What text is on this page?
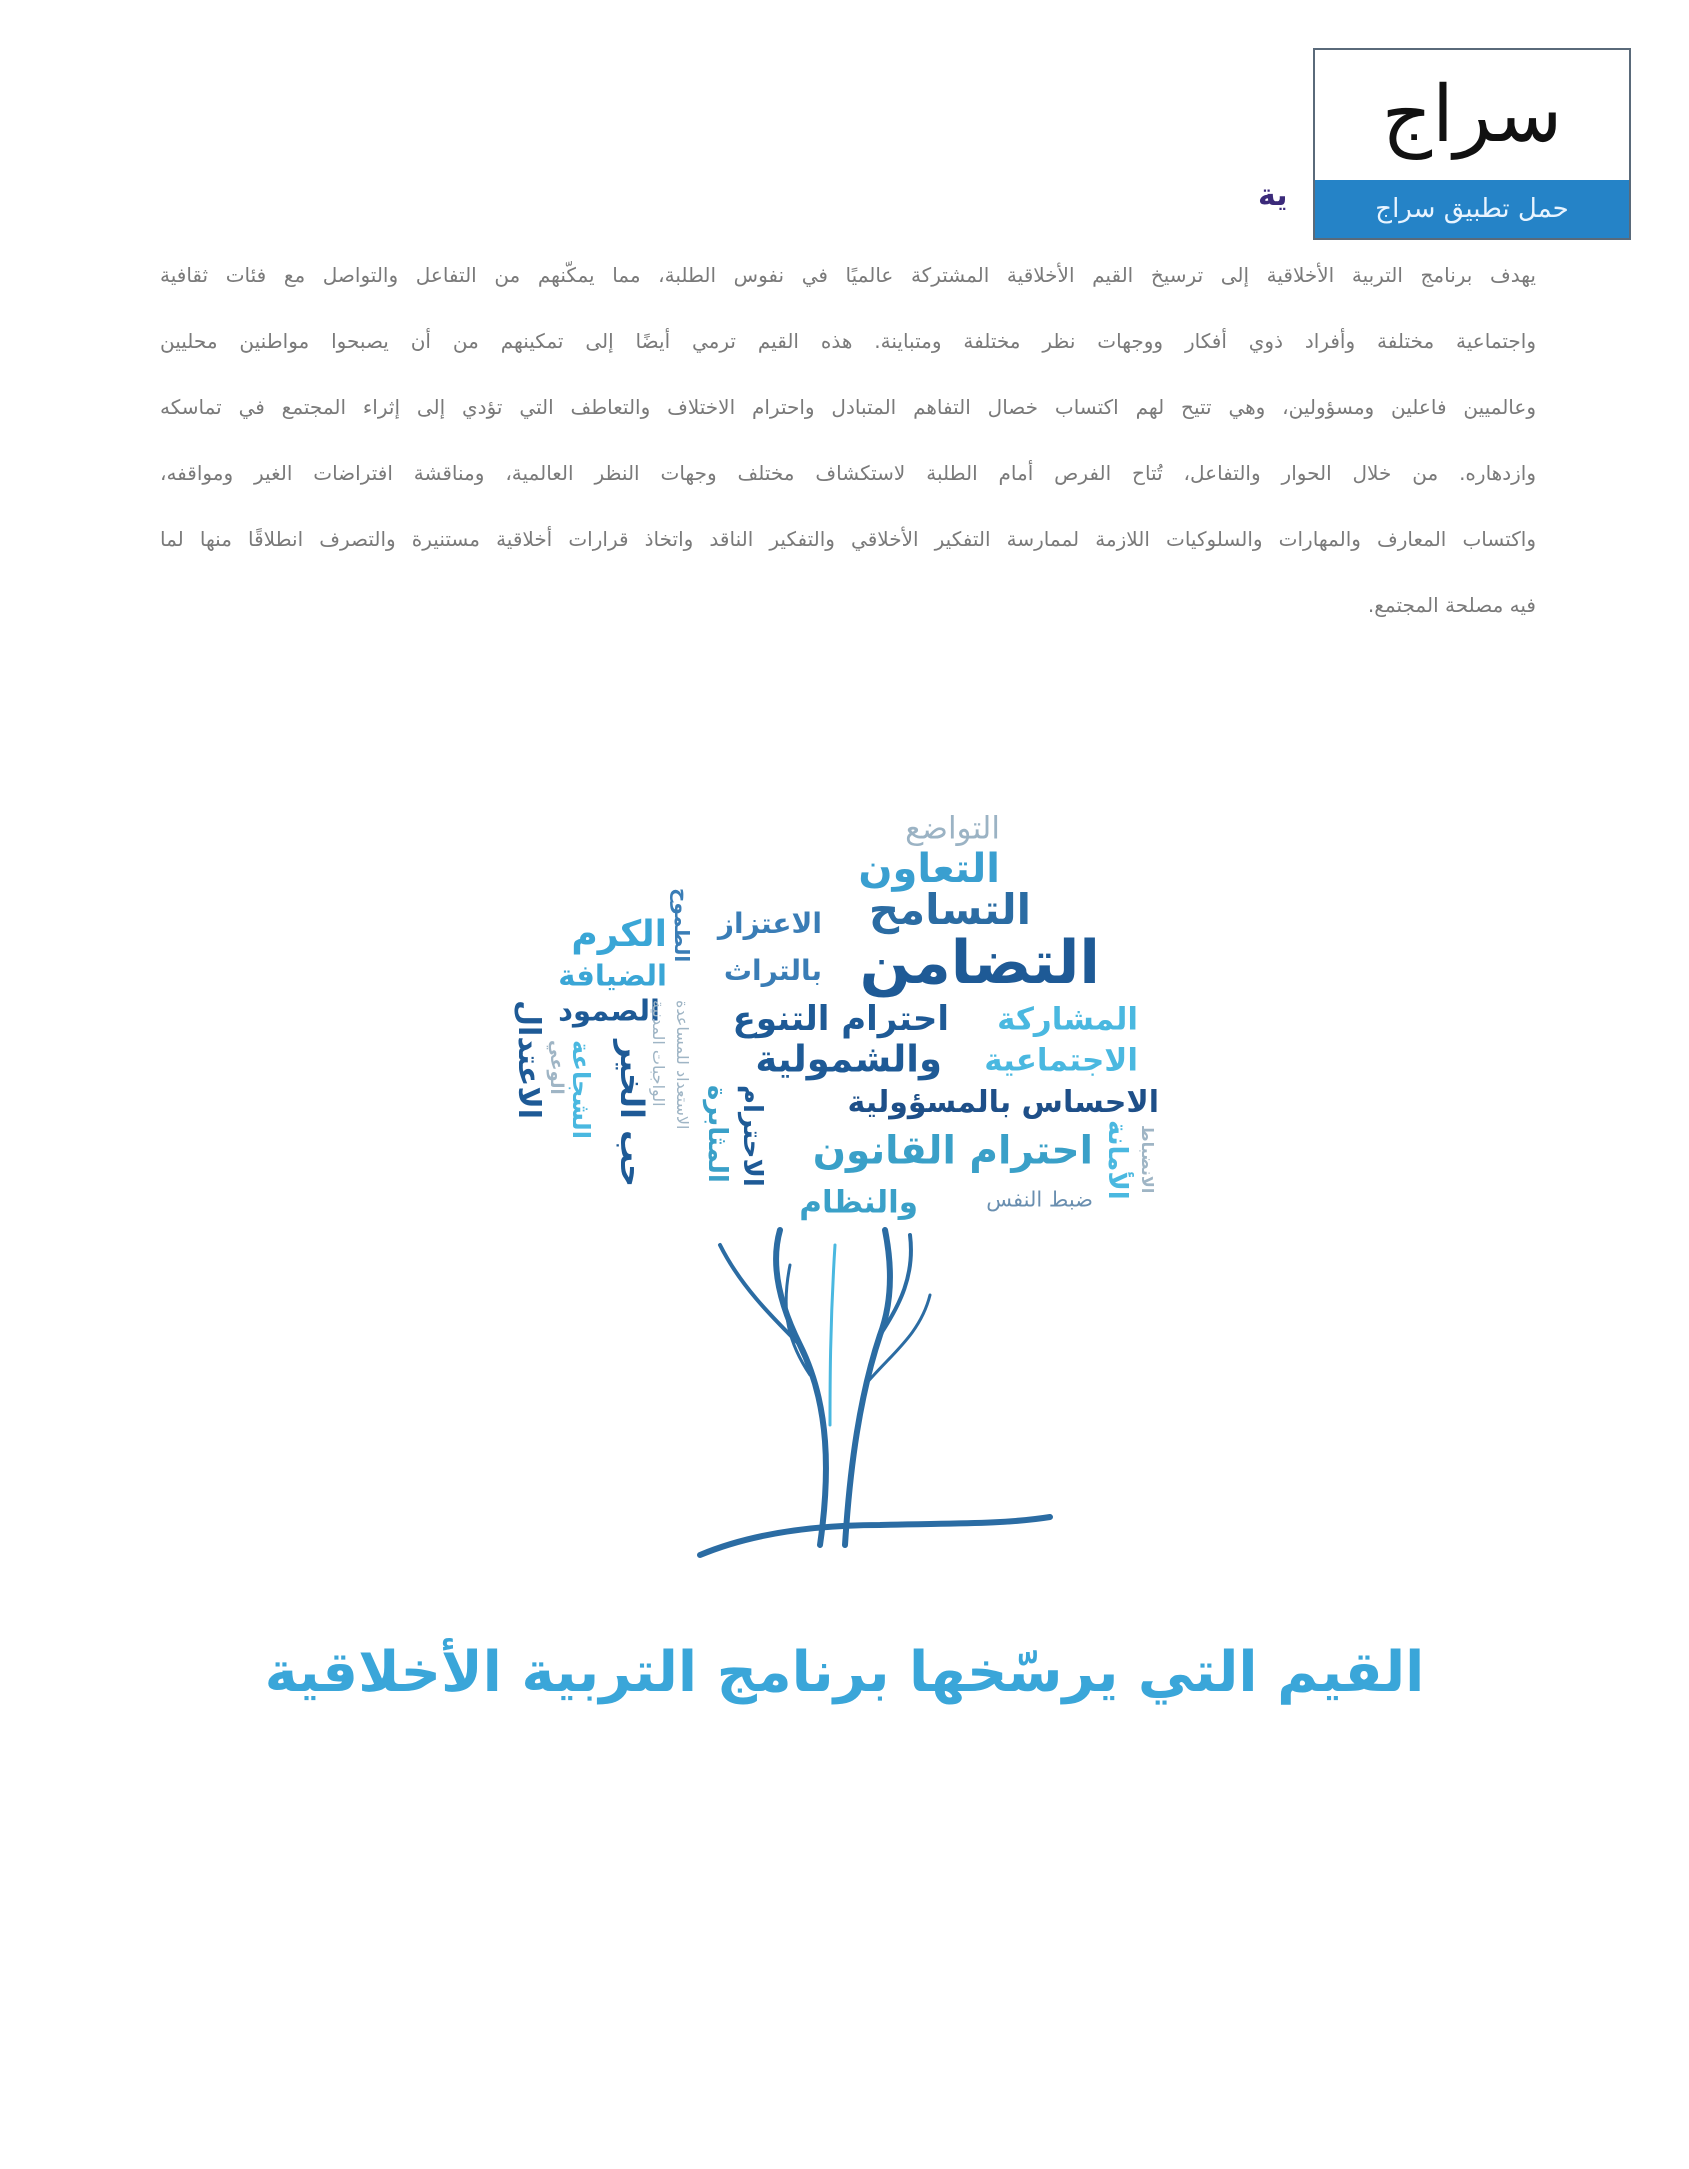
سراج
حمل تطبيق سراج
ية
يهدف برنامج التربية الأخلاقية إلى ترسيخ القيم الأخلاقية المشتركة عالميًا في نفوس الطلبة، مما يمكّنهم من التفاعل والتواصل مع فئات ثقافية
واجتماعية مختلفة وأفراد ذوي أفكار ووجهات نظر مختلفة ومتباينة. هذه القيم ترمي أيضًا إلى تمكينهم من أن يصبحوا مواطنين محليين
وعالميين فاعلين ومسؤولين، وهي تتيح لهم اكتساب خصال التفاهم المتبادل واحترام الاختلاف والتعاطف التي تؤدي إلى إثراء المجتمع في تماسكه
وازدهاره. من خلال الحوار والتفاعل، تُتاح الفرص أمام الطلبة لاستكشاف مختلف وجهات النظر العالمية، ومناقشة افتراضات الغير ومواقفه،
واكتساب المعارف والمهارات والسلوكيات اللازمة لممارسة التفكير الأخلاقي والتفكير الناقد واتخاذ قرارات أخلاقية مستنيرة والتصرف انطلاقًا منها لما
فيه مصلحة المجتمع.
التواضع
التعاون
التسامح
التضامن
الاعتزاز
بالتراث
الكرم
الضيافة
الصمود	المشاركة
احترام التنوع
والشمولية الاجتماعية
الاحساس بالمسؤولية
احترام القانون
ضبط النفس
والنظام
الاعتدال الوعي الشجاعة حب الخير
الواجبات المدنية الاستعداد للمساعدة
الطموح
المثابرة الاحترام	الأمانة الانضباط
القيم التي يرسّخها برنامج التربية الأخلاقية
